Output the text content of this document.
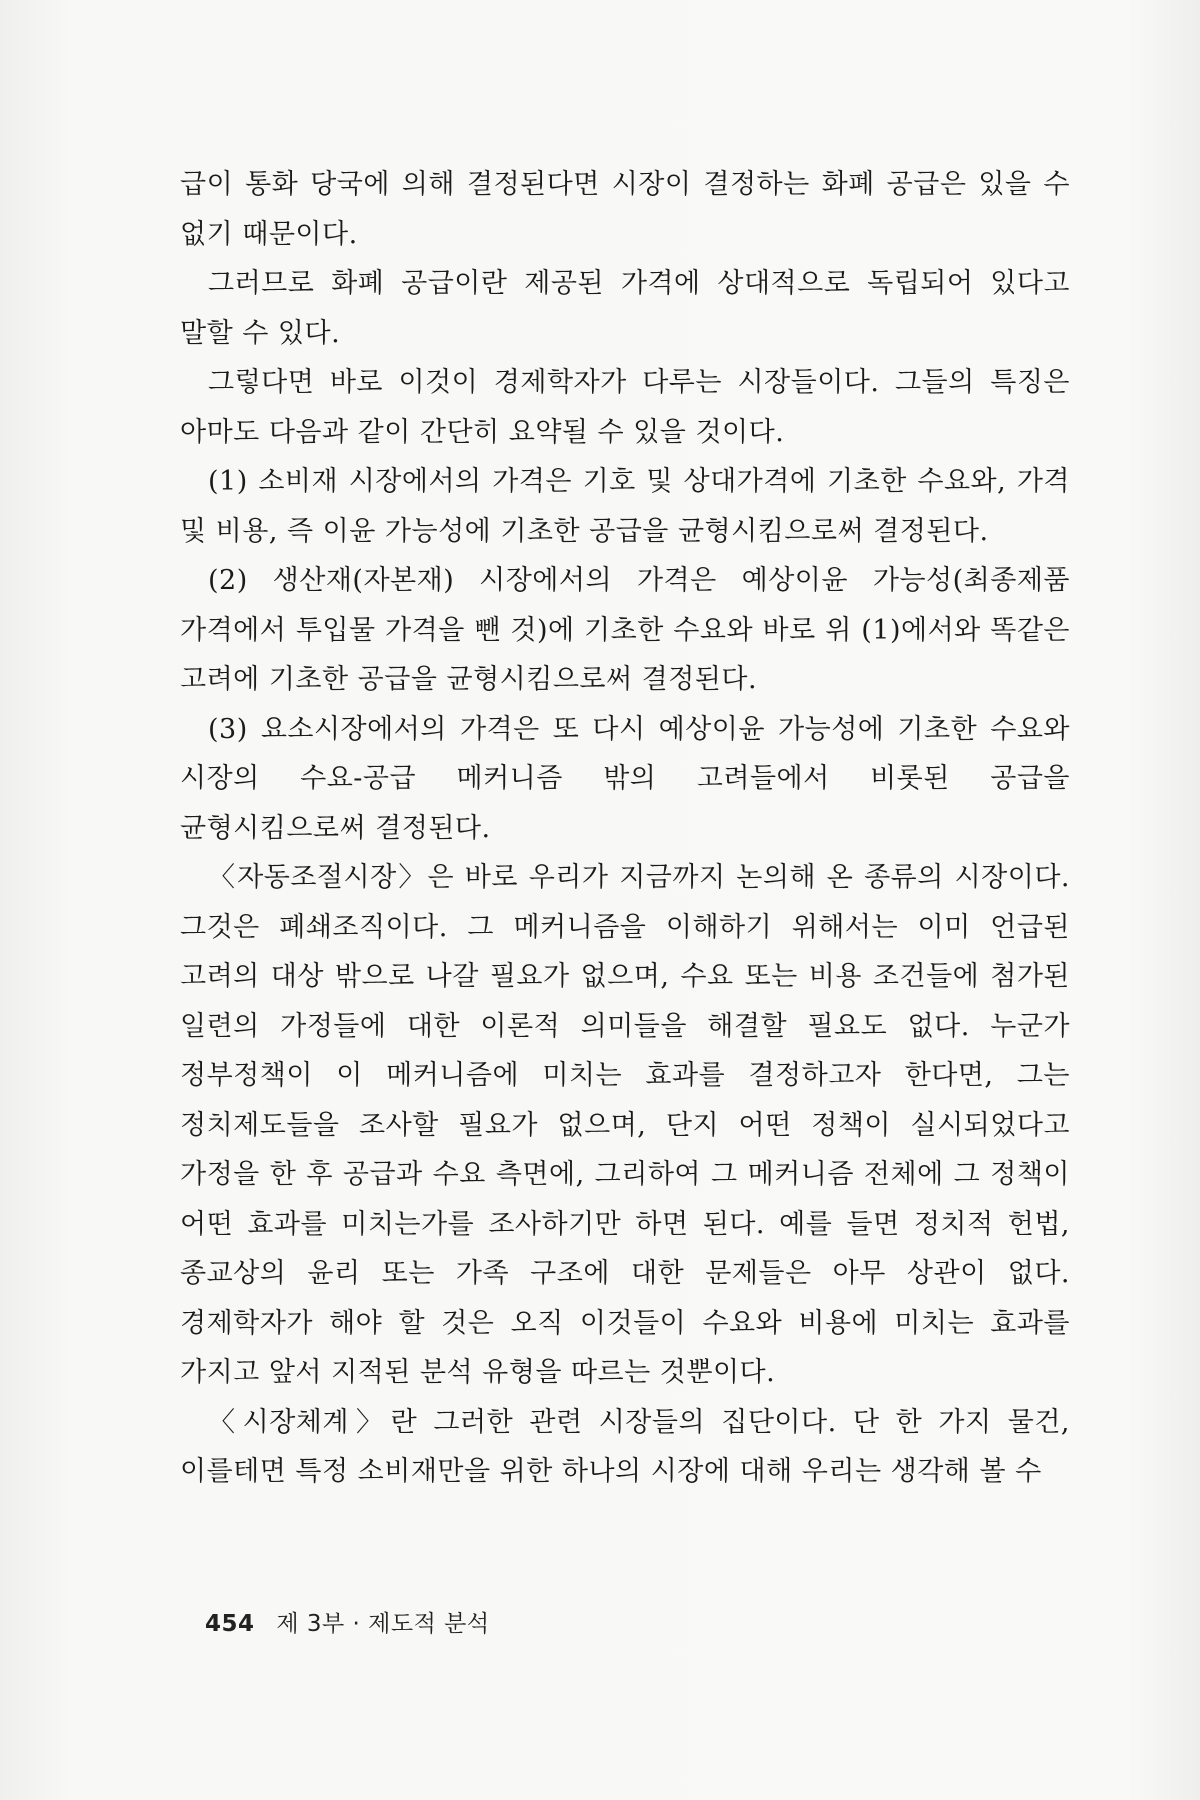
급이 통화 당국에 의해 결정된다면 시장이 결정하는 화폐 공급은 있을 수 없기 때문이다.

그러므로 화폐 공급이란 제공된 가격에 상대적으로 독립되어 있다고 말할 수 있다.

그렇다면 바로 이것이 경제학자가 다루는 시장들이다. 그들의 특징은 아마도 다음과 같이 간단히 요약될 수 있을 것이다.

(1) 소비재 시장에서의 가격은 기호 및 상대가격에 기초한 수요와, 가격 및 비용, 즉 이윤 가능성에 기초한 공급을 균형시킴으로써 결정된다.

(2) 생산재(자본재) 시장에서의 가격은 예상이윤 가능성(최종제품 가격에서 투입물 가격을 뺀 것)에 기초한 수요와 바로 위 (1)에서와 똑같은 고려에 기초한 공급을 균형시킴으로써 결정된다.

(3) 요소시장에서의 가격은 또 다시 예상이윤 가능성에 기초한 수요와 시장의 수요-공급 메커니즘 밖의 고려들에서 비롯된 공급을 균형시킴으로써 결정된다.

〈자동조절시장〉은 바로 우리가 지금까지 논의해 온 종류의 시장이다. 그것은 폐쇄조직이다. 그 메커니즘을 이해하기 위해서는 이미 언급된 고려의 대상 밖으로 나갈 필요가 없으며, 수요 또는 비용 조건들에 첨가된 일련의 가정들에 대한 이론적 의미들을 해결할 필요도 없다. 누군가 정부정책이 이 메커니즘에 미치는 효과를 결정하고자 한다면, 그는 정치제도들을 조사할 필요가 없으며, 단지 어떤 정책이 실시되었다고 가정을 한 후 공급과 수요 측면에, 그리하여 그 메커니즘 전체에 그 정책이 어떤 효과를 미치는가를 조사하기만 하면 된다. 예를 들면 정치적 헌법, 종교상의 윤리 또는 가족 구조에 대한 문제들은 아무 상관이 없다. 경제학자가 해야 할 것은 오직 이것들이 수요와 비용에 미치는 효과를 가지고 앞서 지적된 분석 유형을 따르는 것뿐이다.

〈시장체계〉란 그러한 관련 시장들의 집단이다. 단 한 가지 물건, 이를테면 특정 소비재만을 위한 하나의 시장에 대해 우리는 생각해 볼 수

454 제 3부 · 제도적 분석
